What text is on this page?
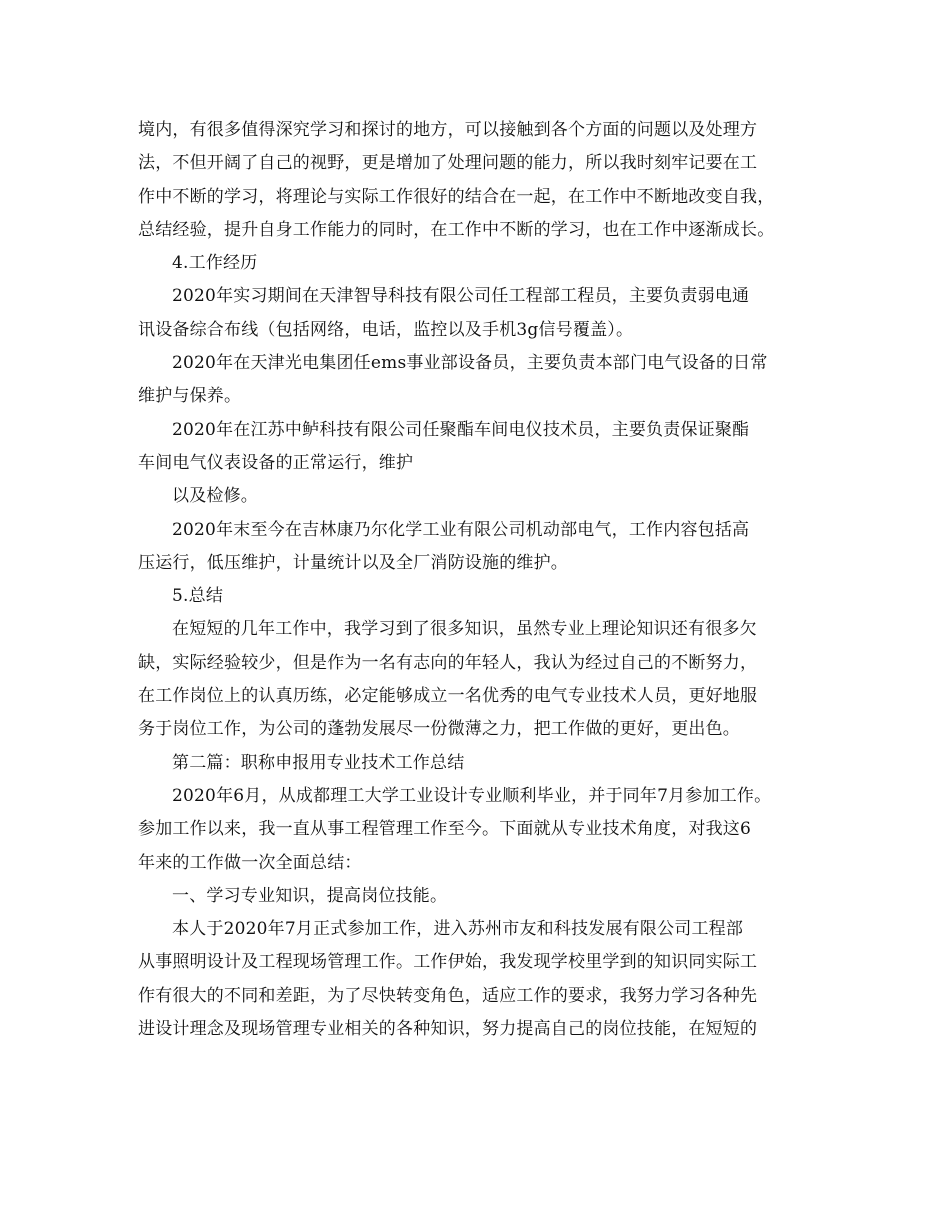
境内，有很多值得深究学习和探讨的地方，可以接触到各个方面的问题以及处理方
法，不但开阔了自己的视野，更是增加了处理问题的能力，所以我时刻牢记要在工
作中不断的学习，将理论与实际工作很好的结合在一起，在工作中不断地改变自我，
总结经验，提升自身工作能力的同时，在工作中不断的学习，也在工作中逐渐成长。
4.工作经历
2020年实习期间在天津智导科技有限公司任工程部工程员，主要负责弱电通
讯设备综合布线（包括网络，电话，监控以及手机3g信号覆盖）。
2020年在天津光电集团任ems事业部设备员，主要负责本部门电气设备的日常
维护与保养。
2020年在江苏中鲈科技有限公司任聚酯车间电仪技术员，主要负责保证聚酯
车间电气仪表设备的正常运行，维护
以及检修。
2020年末至今在吉林康乃尔化学工业有限公司机动部电气，工作内容包括高
压运行，低压维护，计量统计以及全厂消防设施的维护。
5.总结
在短短的几年工作中，我学习到了很多知识，虽然专业上理论知识还有很多欠
缺，实际经验较少，但是作为一名有志向的年轻人，我认为经过自己的不断努力，
在工作岗位上的认真历练，必定能够成立一名优秀的电气专业技术人员，更好地服
务于岗位工作，为公司的蓬勃发展尽一份微薄之力，把工作做的更好，更出色。
第二篇：职称申报用专业技术工作总结
2020年6月，从成都理工大学工业设计专业顺利毕业，并于同年7月参加工作。
参加工作以来，我一直从事工程管理工作至今。下面就从专业技术角度，对我这6
年来的工作做一次全面总结：
一、学习专业知识，提高岗位技能。
本人于2020年7月正式参加工作，进入苏州市友和科技发展有限公司工程部
从事照明设计及工程现场管理工作。工作伊始，我发现学校里学到的知识同实际工
作有很大的不同和差距，为了尽快转变角色，适应工作的要求，我努力学习各种先
进设计理念及现场管理专业相关的各种知识，努力提高自己的岗位技能，在短短的
